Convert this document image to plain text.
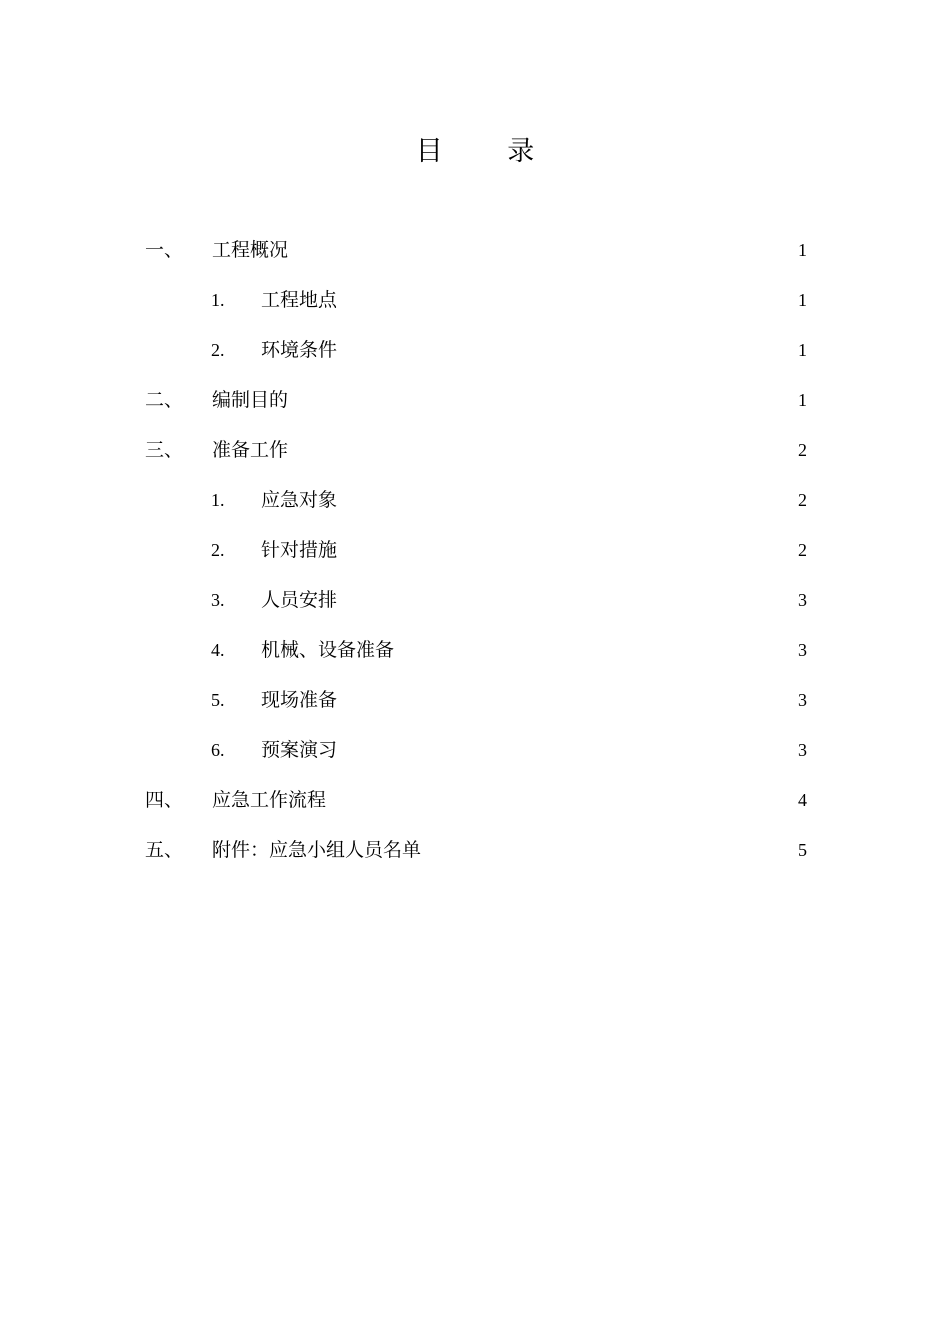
目 录
一、	工程概况	1
1.	工程地点	1
2.	环境条件	1
二、	编制目的	1
三、	准备工作	2
1.	应急对象	2
2.	针对措施	2
3.	人员安排	3
4.	机械、设备准备	3
5.	现场准备	3
6.	预案演习	3
四、	应急工作流程	4
五、	附件：应急小组人员名单	5
